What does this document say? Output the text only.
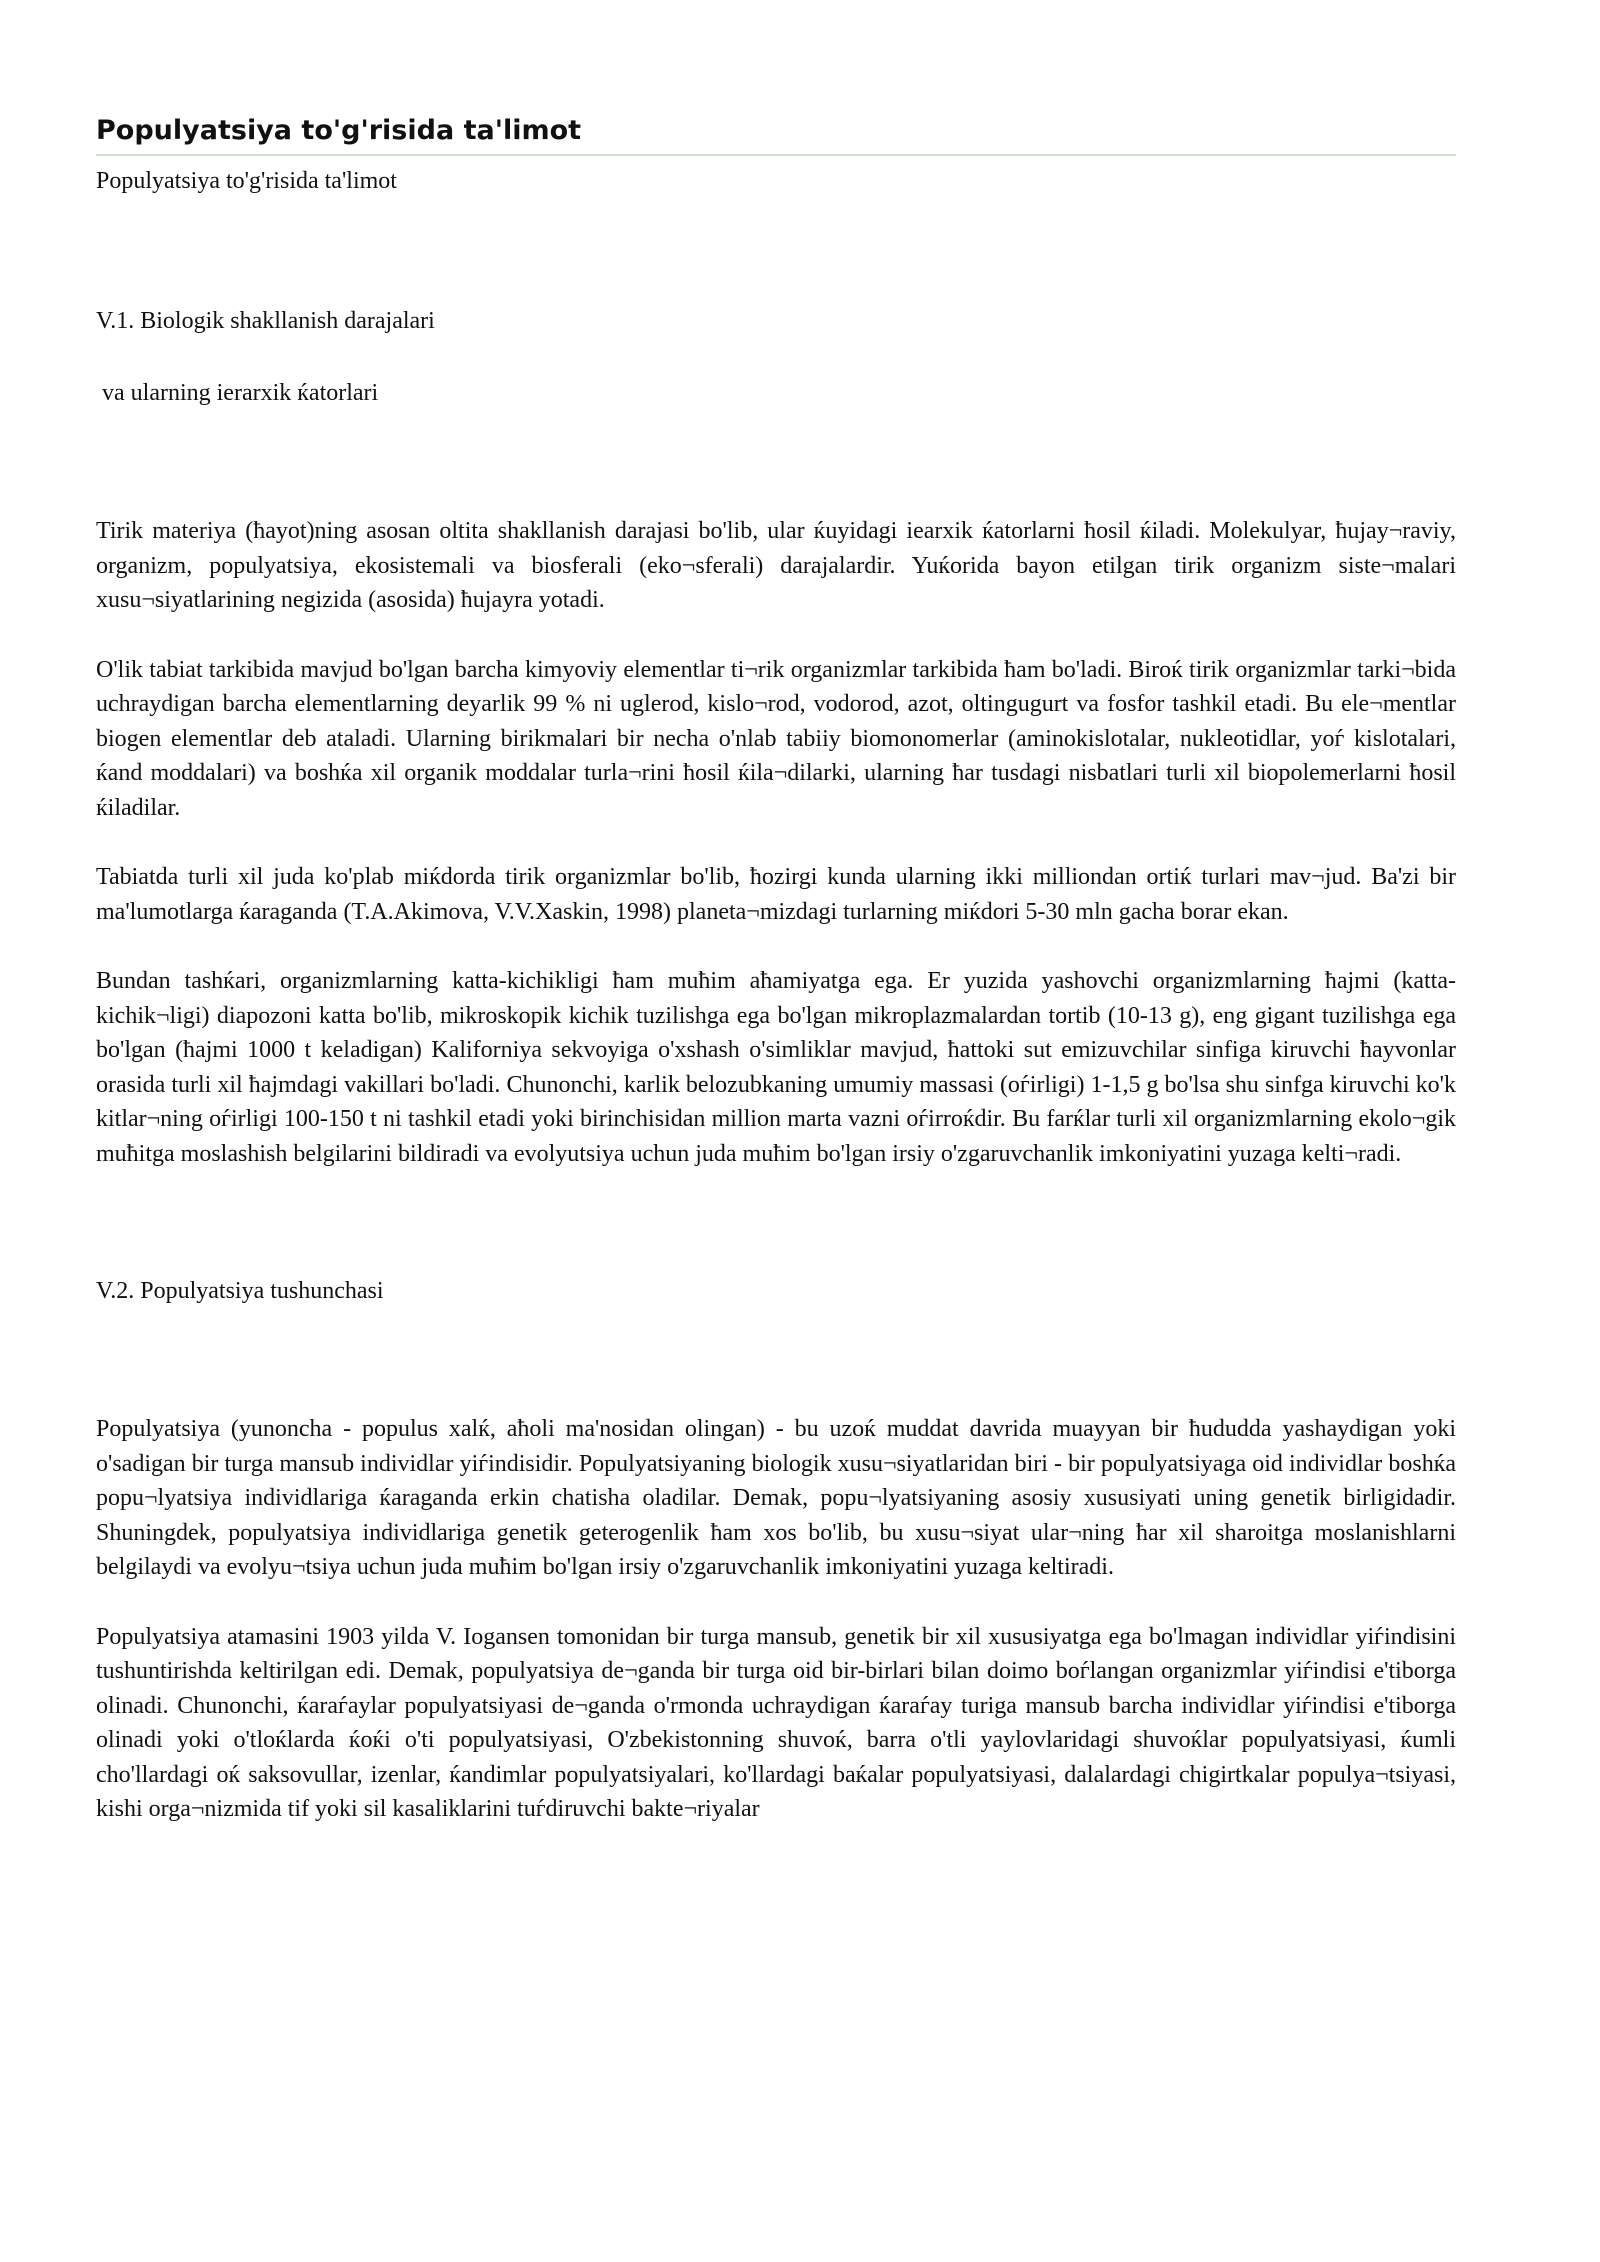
Populyatsiya to'g'risida ta'limot

Populyatsiya to'g'risida ta'limot

V.1. Biologik shakllanish darajalari

va ularning ierarxik ќatorlari

Tirik materiya (ħayot)ning asosan oltita shakllanish darajasi bo'lib, ular ќuyidagi iearxik ќatorlarni ħosil ќiladi. Molekulyar, ħujay¬raviy, organizm, populyatsiya, ekosistemali va biosferali (eko¬sferali) darajalardir. Yuќorida bayon etilgan tirik organizm siste¬malari xusu¬siyatlarining negizida (asosida) ħujayra yotadi.

O'lik tabiat tarkibida mavjud bo'lgan barcha kimyoviy elementlar ti¬rik organizmlar tarkibida ħam bo'ladi. Biroќ tirik organizmlar tarki¬bida uchraydigan barcha elementlarning deyarlik 99 % ni uglerod, kislo¬rod, vodorod, azot, oltingugurt va fosfor tashkil etadi. Bu ele¬mentlar biogen elementlar deb ataladi. Ularning birikmalari bir necha o'nlab tabiiy biomonomerlar (aminokislotalar, nukleotidlar, yoѓ kislotalari, ќand moddalari) va boshќa xil organik moddalar turla¬rini ħosil ќila¬dilarki, ularning ħar tusdagi nisbatlari turli xil biopolemerlarni ħosil ќiladilar.

Tabiatda turli xil juda ko'plab miќdorda tirik organizmlar bo'lib, ħozirgi kunda ularning ikki milliondan ortiќ turlari mav¬jud. Ba'zi bir ma'lumotlarga ќaraganda (T.A.Akimova, V.V.Xaskin, 1998) planeta¬mizdagi turlarning miќdori 5-30 mln gacha borar ekan.

Bundan tashќari, organizmlarning katta-kichikligi ħam muħim aħamiyatga ega. Er yuzida yashovchi organizmlarning ħajmi (katta-kichik¬ligi) diapozoni katta bo'lib, mikroskopik kichik tuzilishga ega bo'lgan mikroplazmalardan tortib (10-13 g), eng gigant tuzilishga ega bo'lgan (ħajmi 1000 t keladigan) Kaliforniya sekvoyiga o'xshash o'simliklar mavjud, ħattoki sut emizuvchilar sinfiga kiruvchi ħayvonlar orasida turli xil ħajmdagi vakillari bo'ladi. Chunonchi, karlik belozubkaning umumiy massasi (oѓirligi) 1-1,5 g bo'lsa shu sinfga kiruvchi ko'k kitlar¬ning oѓirligi 100-150 t ni tashkil etadi yoki birinchisidan million marta vazni oѓirroќdir. Bu farќlar turli xil organizmlarning ekolo¬gik muħitga moslashish belgilarini bildiradi va evolyutsiya uchun juda muħim bo'lgan irsiy o'zgaruvchanlik imkoniyatini yuzaga kelti¬radi.

V.2. Populyatsiya tushunchasi

Populyatsiya (yunoncha - populus xalќ, aħoli ma'nosidan olingan) - bu uzoќ muddat davrida muayyan bir ħududda yashaydigan yoki o'sadigan bir turga mansub individlar yiѓindisidir. Populyatsiyaning biologik xusu¬siyatlaridan biri - bir populyatsiyaga oid individlar boshќa popu¬lyatsiya individlariga ќaraganda erkin chatisha oladilar. Demak, popu¬lyatsiyaning asosiy xususiyati uning genetik birligidadir. Shuningdek, populyatsiya individlariga genetik geterogenlik ħam xos bo'lib, bu xusu¬siyat ular¬ning ħar xil sharoitga moslanishlarni belgilaydi va evolyu¬tsiya uchun juda muħim bo'lgan irsiy o'zgaruvchanlik imkoniyatini yuzaga keltiradi.

Populyatsiya atamasini 1903 yilda V. Iogansen tomonidan bir turga mansub, genetik bir xil xususiyatga ega bo'lmagan individlar yiѓindisini tushuntirishda keltirilgan edi. Demak, populyatsiya de¬ganda bir turga oid bir-birlari bilan doimo boѓlangan organizmlar yiѓindisi e'tiborga olinadi. Chunonchi, ќaraѓaylar populyatsiyasi de¬ganda o'rmonda uchraydigan ќaraѓay turiga mansub barcha individlar yiѓindisi e'tiborga olinadi yoki o'tloќlarda ќoќi o'ti populyatsiyasi, O'zbekistonning shuvoќ, barra o'tli yaylovlaridagi shuvoќlar populyatsiyasi, ќumli cho'llardagi oќ saksovullar, izenlar, ќandimlar populyatsiyalari, ko'llardagi baќalar populyatsiyasi, dalalardagi chigirtkalar populya¬tsiyasi, kishi orga¬nizmida tif yoki sil kasaliklarini tuѓdiruvchi bakte¬riyalar
